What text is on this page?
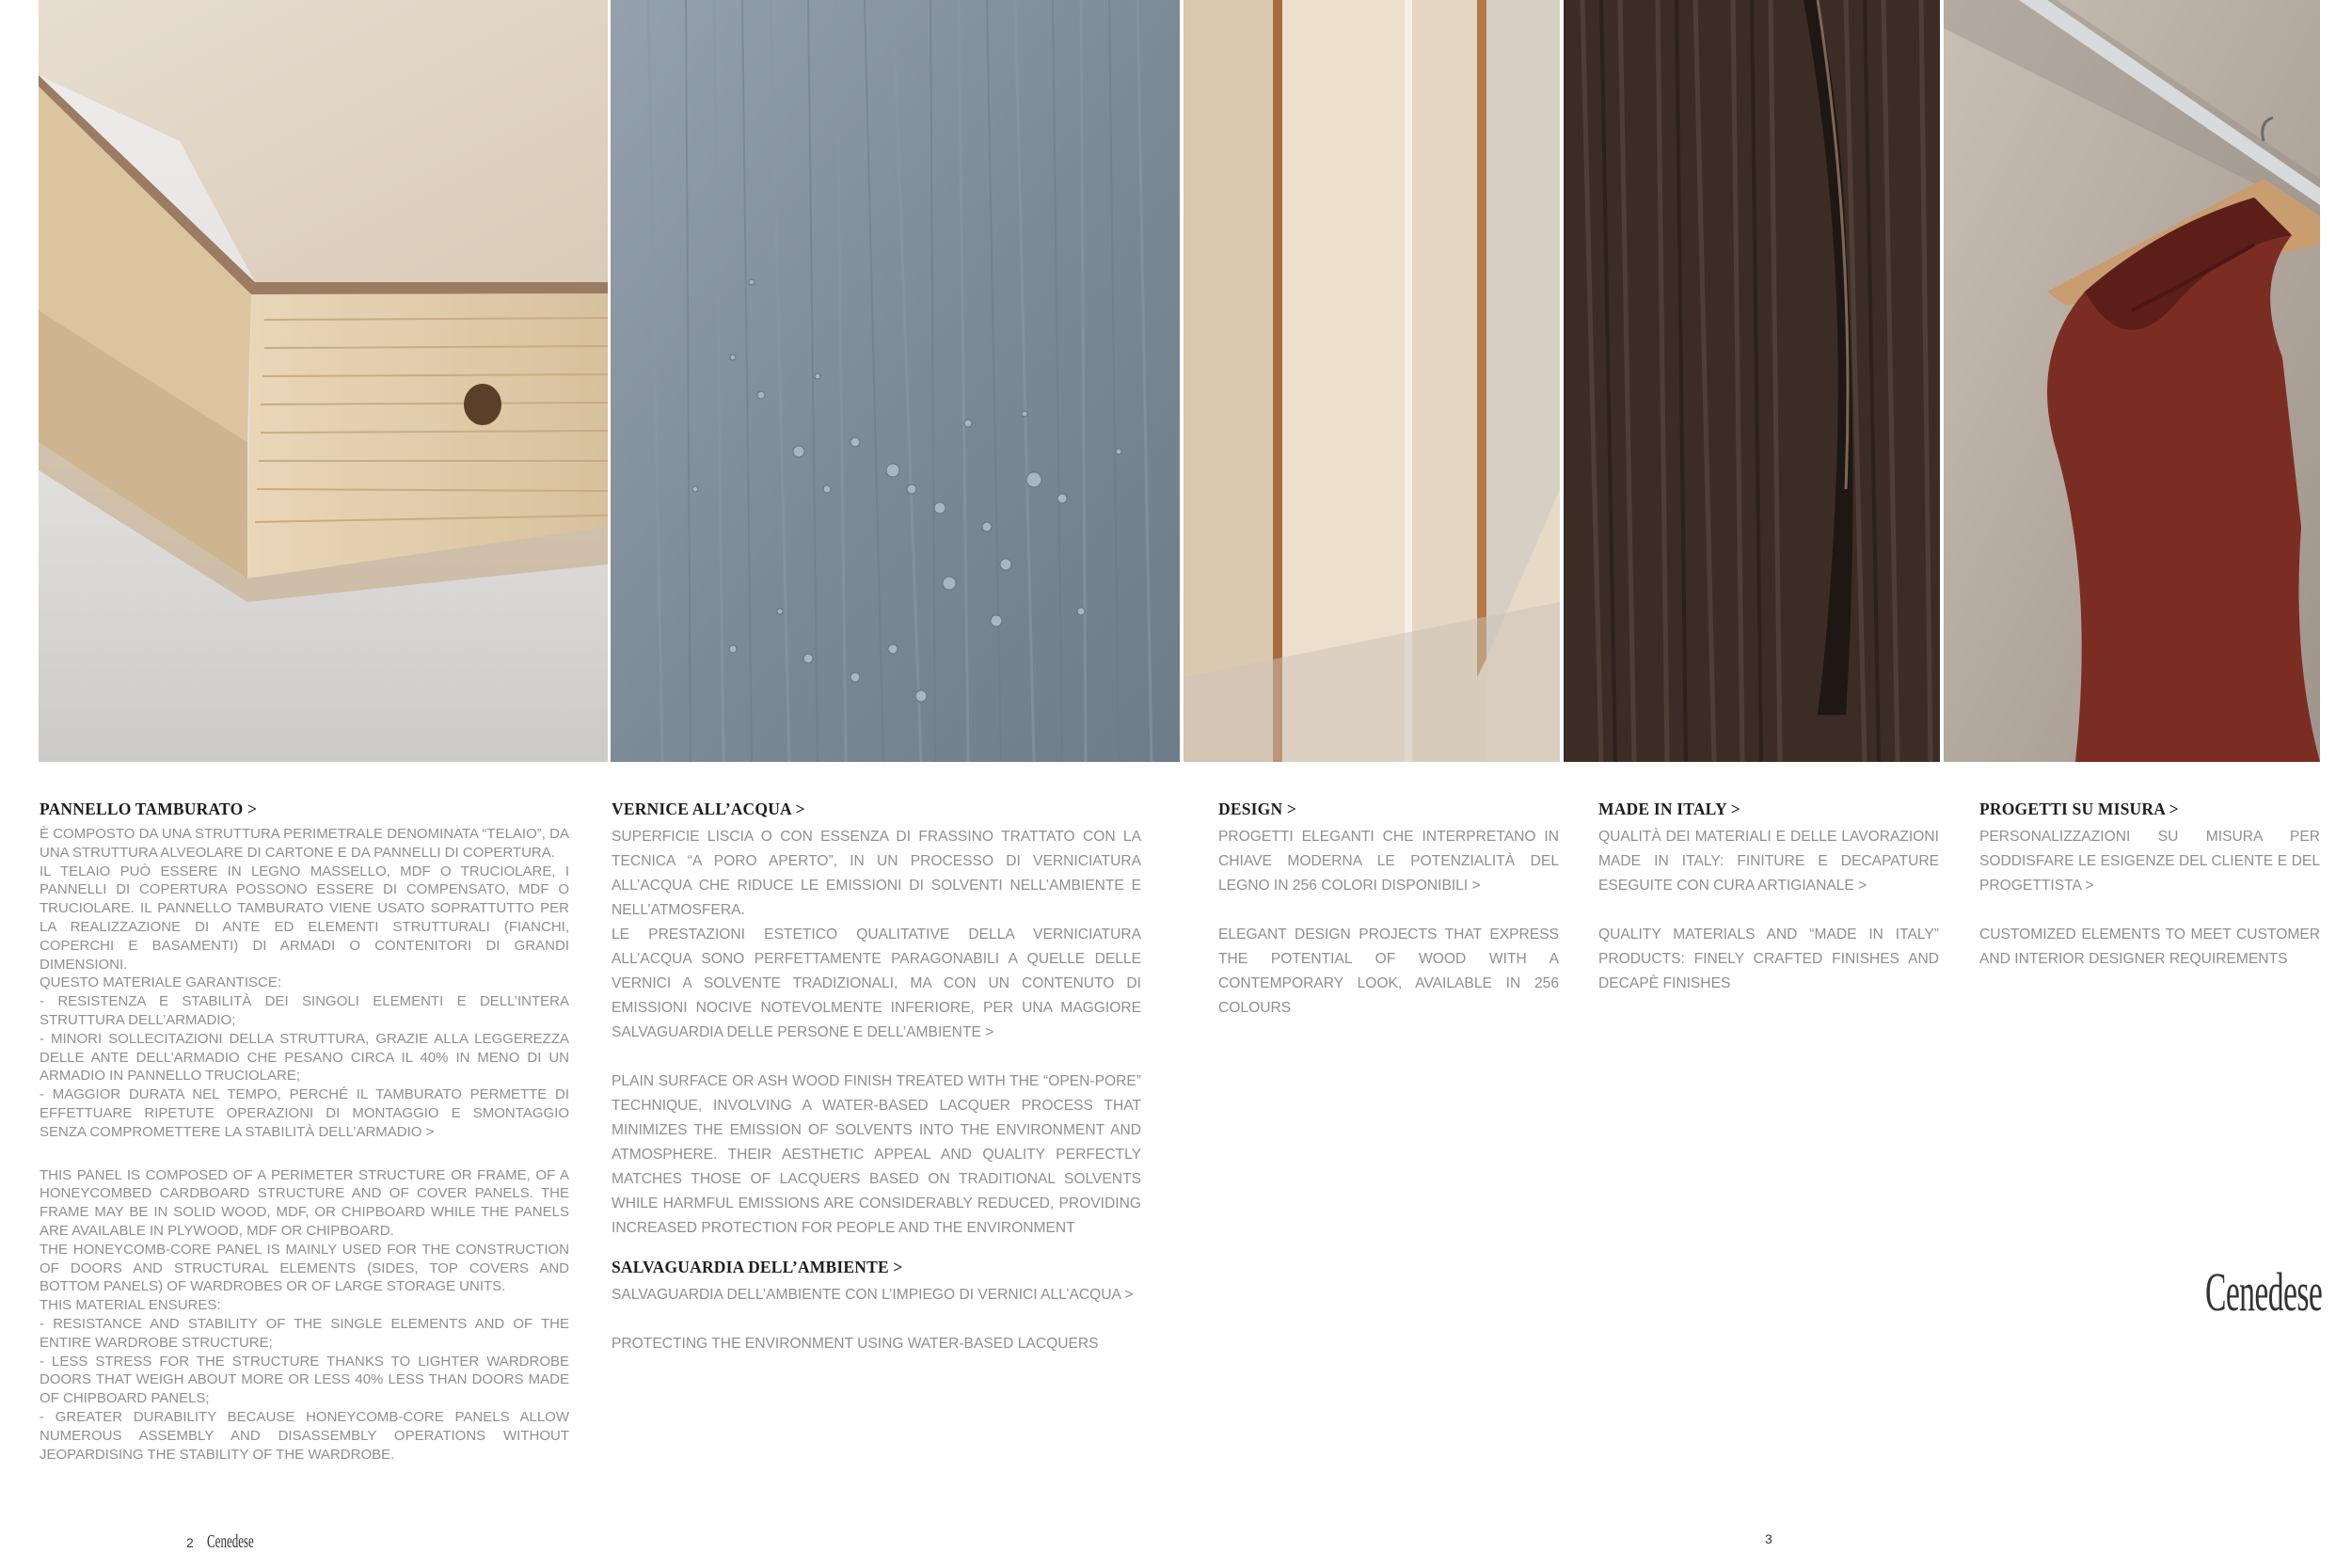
PANNELLO TAMBURATO >

È COMPOSTO DA UNA STRUTTURA PERIMETRALE DENOMINATA “TELAIO”, DA UNA STRUTTURA ALVEOLARE DI CARTONE E DA PANNELLI DI COPERTURA.
IL TELAIO PUÒ ESSERE IN LEGNO MASSELLO, MDF O TRUCIOLARE, I PANNELLI DI COPERTURA POSSONO ESSERE DI COMPENSATO, MDF O TRUCIOLARE. IL PANNELLO TAMBURATO VIENE USATO SOPRATTUTTO PER LA REALIZZAZIONE DI ANTE ED ELEMENTI STRUTTURALI (FIANCHI, COPERCHI E BASAMENTI) DI ARMADI O CONTENITORI DI GRANDI DIMENSIONI.
QUESTO MATERIALE GARANTISCE:
- RESISTENZA E STABILITÀ DEI SINGOLI ELEMENTI E DELL’INTERA STRUTTURA DELL’ARMADIO;
- MINORI SOLLECITAZIONI DELLA STRUTTURA, GRAZIE ALLA LEGGEREZZA DELLE ANTE DELL’ARMADIO CHE PESANO CIRCA IL 40% IN MENO DI UN ARMADIO IN PANNELLO TRUCIOLARE;
- MAGGIOR DURATA NEL TEMPO, PERCHÉ IL TAMBURATO PERMETTE DI EFFETTUARE RIPETUTE OPERAZIONI DI MONTAGGIO E SMONTAGGIO SENZA COMPROMETTERE LA STABILITÀ DELL’ARMADIO >

THIS PANEL IS COMPOSED OF A PERIMETER STRUCTURE OR FRAME, OF A HONEYCOMBED CARDBOARD STRUCTURE AND OF COVER PANELS. THE FRAME MAY BE IN SOLID WOOD, MDF, OR CHIPBOARD WHILE THE PANELS ARE AVAILABLE IN PLYWOOD, MDF OR CHIPBOARD.
THE HONEYCOMB-CORE PANEL IS MAINLY USED FOR THE CONSTRUCTION OF DOORS AND STRUCTURAL ELEMENTS (SIDES, TOP COVERS AND BOTTOM PANELS) OF WARDROBES OR OF LARGE STORAGE UNITS.
THIS MATERIAL ENSURES:
- RESISTANCE AND STABILITY OF THE SINGLE ELEMENTS AND OF THE ENTIRE WARDROBE STRUCTURE;
- LESS STRESS FOR THE STRUCTURE THANKS TO LIGHTER WARDROBE DOORS THAT WEIGH ABOUT MORE OR LESS 40% LESS THAN DOORS MADE OF CHIPBOARD PANELS;
- GREATER DURABILITY BECAUSE HONEYCOMB-CORE PANELS ALLOW NUMEROUS ASSEMBLY AND DISASSEMBLY OPERATIONS WITHOUT JEOPARDISING THE STABILITY OF THE WARDROBE.

VERNICE ALL’ACQUA >

SUPERFICIE LISCIA O CON ESSENZA DI FRASSINO TRATTATO CON LA TECNICA “A PORO APERTO”, IN UN PROCESSO DI VERNICIATURA ALL’ACQUA CHE RIDUCE LE EMISSIONI DI SOLVENTI NELL’AMBIENTE E NELL’ATMOSFERA.
LE PRESTAZIONI ESTETICO QUALITATIVE DELLA VERNICIATURA ALL’ACQUA SONO PERFETTAMENTE PARAGONABILI A QUELLE DELLE VERNICI A SOLVENTE TRADIZIONALI, MA CON UN CONTENUTO DI EMISSIONI NOCIVE NOTEVOLMENTE INFERIORE, PER UNA MAGGIORE SALVAGUARDIA DELLE PERSONE E DELL’AMBIENTE >

PLAIN SURFACE OR ASH WOOD FINISH TREATED WITH THE “OPEN-PORE” TECHNIQUE, INVOLVING A WATER-BASED LACQUER PROCESS THAT MINIMIZES THE EMISSION OF SOLVENTS INTO THE ENVIRONMENT AND ATMOSPHERE. THEIR AESTHETIC APPEAL AND QUALITY PERFECTLY MATCHES THOSE OF LACQUERS BASED ON TRADITIONAL SOLVENTS WHILE HARMFUL EMISSIONS ARE CONSIDERABLY REDUCED, PROVIDING INCREASED PROTECTION FOR PEOPLE AND THE ENVIRONMENT

SALVAGUARDIA DELL’AMBIENTE >

SALVAGUARDIA DELL’AMBIENTE CON L’IMPIEGO DI VERNICI ALL’ACQUA >

PROTECTING THE ENVIRONMENT USING WATER-BASED LACQUERS

DESIGN >

PROGETTI ELEGANTI CHE INTERPRETANO IN CHIAVE MODERNA LE POTENZIALITÀ DEL LEGNO IN 256 COLORI DISPONIBILI >

ELEGANT DESIGN PROJECTS THAT EXPRESS THE POTENTIAL OF WOOD WITH A CONTEMPORARY LOOK, AVAILABLE IN 256 COLOURS

MADE IN ITALY >

QUALITÀ DEI MATERIALI E DELLE LAVORAZIONI MADE IN ITALY: FINITURE E DECAPATURE ESEGUITE CON CURA ARTIGIANALE >

QUALITY MATERIALS AND “MADE IN ITALY” PRODUCTS: FINELY CRAFTED FINISHES AND DECAPÈ FINISHES

PROGETTI SU MISURA >

PERSONALIZZAZIONI SU MISURA PER SODDISFARE LE ESIGENZE DEL CLIENTE E DEL PROGETTISTA >

CUSTOMIZED ELEMENTS TO MEET CUSTOMER AND INTERIOR DESIGNER REQUIREMENTS

Cenedese
2 Cenedese	3
